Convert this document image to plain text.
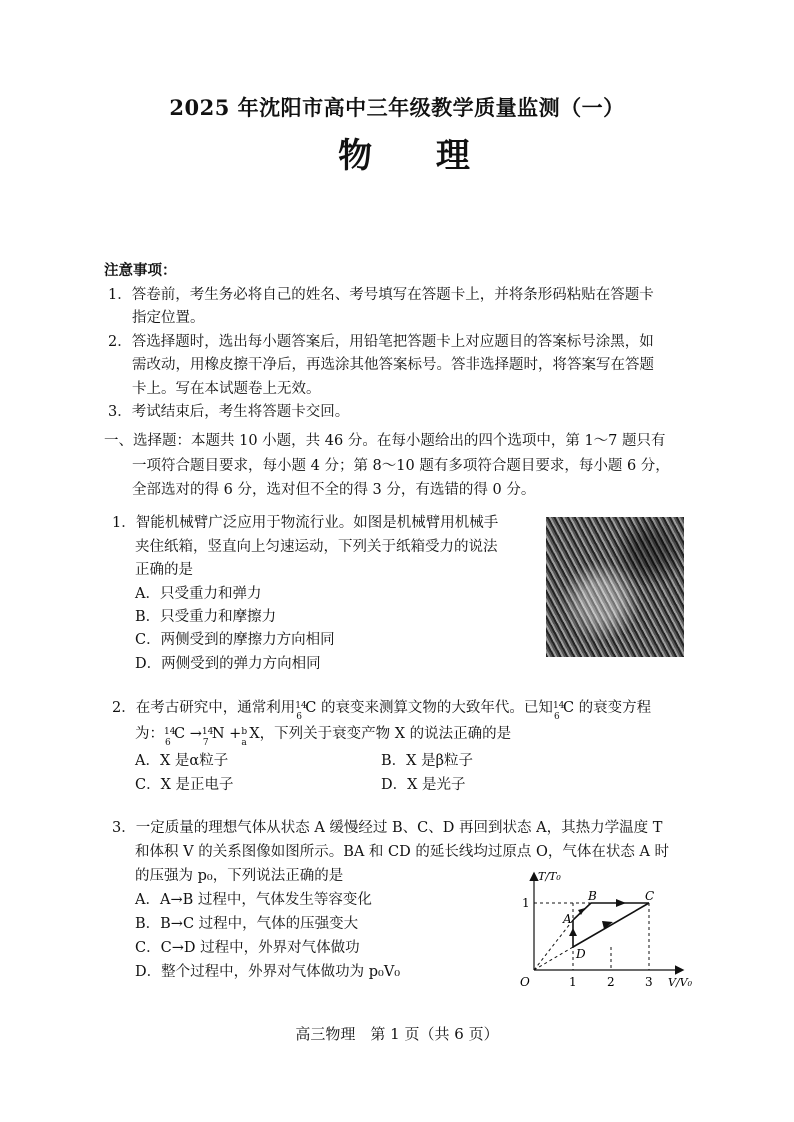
2025 年沈阳市高中三年级教学质量监测（一）
物 理
注意事项：
1．答卷前，考生务必将自己的姓名、考号填写在答题卡上，并将条形码粘贴在答题卡
指定位置。
2．答选择题时，选出每小题答案后，用铅笔把答题卡上对应题目的答案标号涂黑，如
需改动，用橡皮擦干净后，再选涂其他答案标号。答非选择题时，将答案写在答题
卡上。写在本试题卷上无效。
3．考试结束后，考生将答题卡交回。
一、选择题：本题共 10 小题，共 46 分。在每小题给出的四个选项中，第 1～7 题只有
一项符合题目要求，每小题 4 分；第 8～10 题有多项符合题目要求，每小题 6 分，
全部选对的得 6 分，选对但不全的得 3 分，有选错的得 0 分。
1．智能机械臂广泛应用于物流行业。如图是机械臂用机械手
夹住纸箱，竖直向上匀速运动，下列关于纸箱受力的说法
正确的是
A．只受重力和弹力
B．只受重力和摩擦力
C．两侧受到的摩擦力方向相同
D．两侧受到的弹力方向相同
2．在考古研究中，通常利用 14
6
C 的衰变来测算文物的大致年代。已知 14
6
C 的衰变方程
为： 14
6
C → 14
7
N + b
a
X，下列关于衰变产物 X 的说法正确的是
A．X 是α粒子	B．X 是β粒子
C．X 是正电子	D．X 是光子
3．一定质量的理想气体从状态 A 缓慢经过 B、C、D 再回到状态 A，其热力学温度 T
和体积 V 的关系图像如图所示。BA 和 CD 的延长线均过原点 O，气体在状态 A 时
的压强为 p₀，下列说法正确的是
A．A→B 过程中，气体发生等容变化
B．B→C 过程中，气体的压强变大
C．C→D 过程中，外界对气体做功
D．整个过程中，外界对气体做功为 p₀V₀
T/T₀
V/V₀
O
1
1	2	3
A
B	C
D
高三物理　第 1 页（共 6 页）
